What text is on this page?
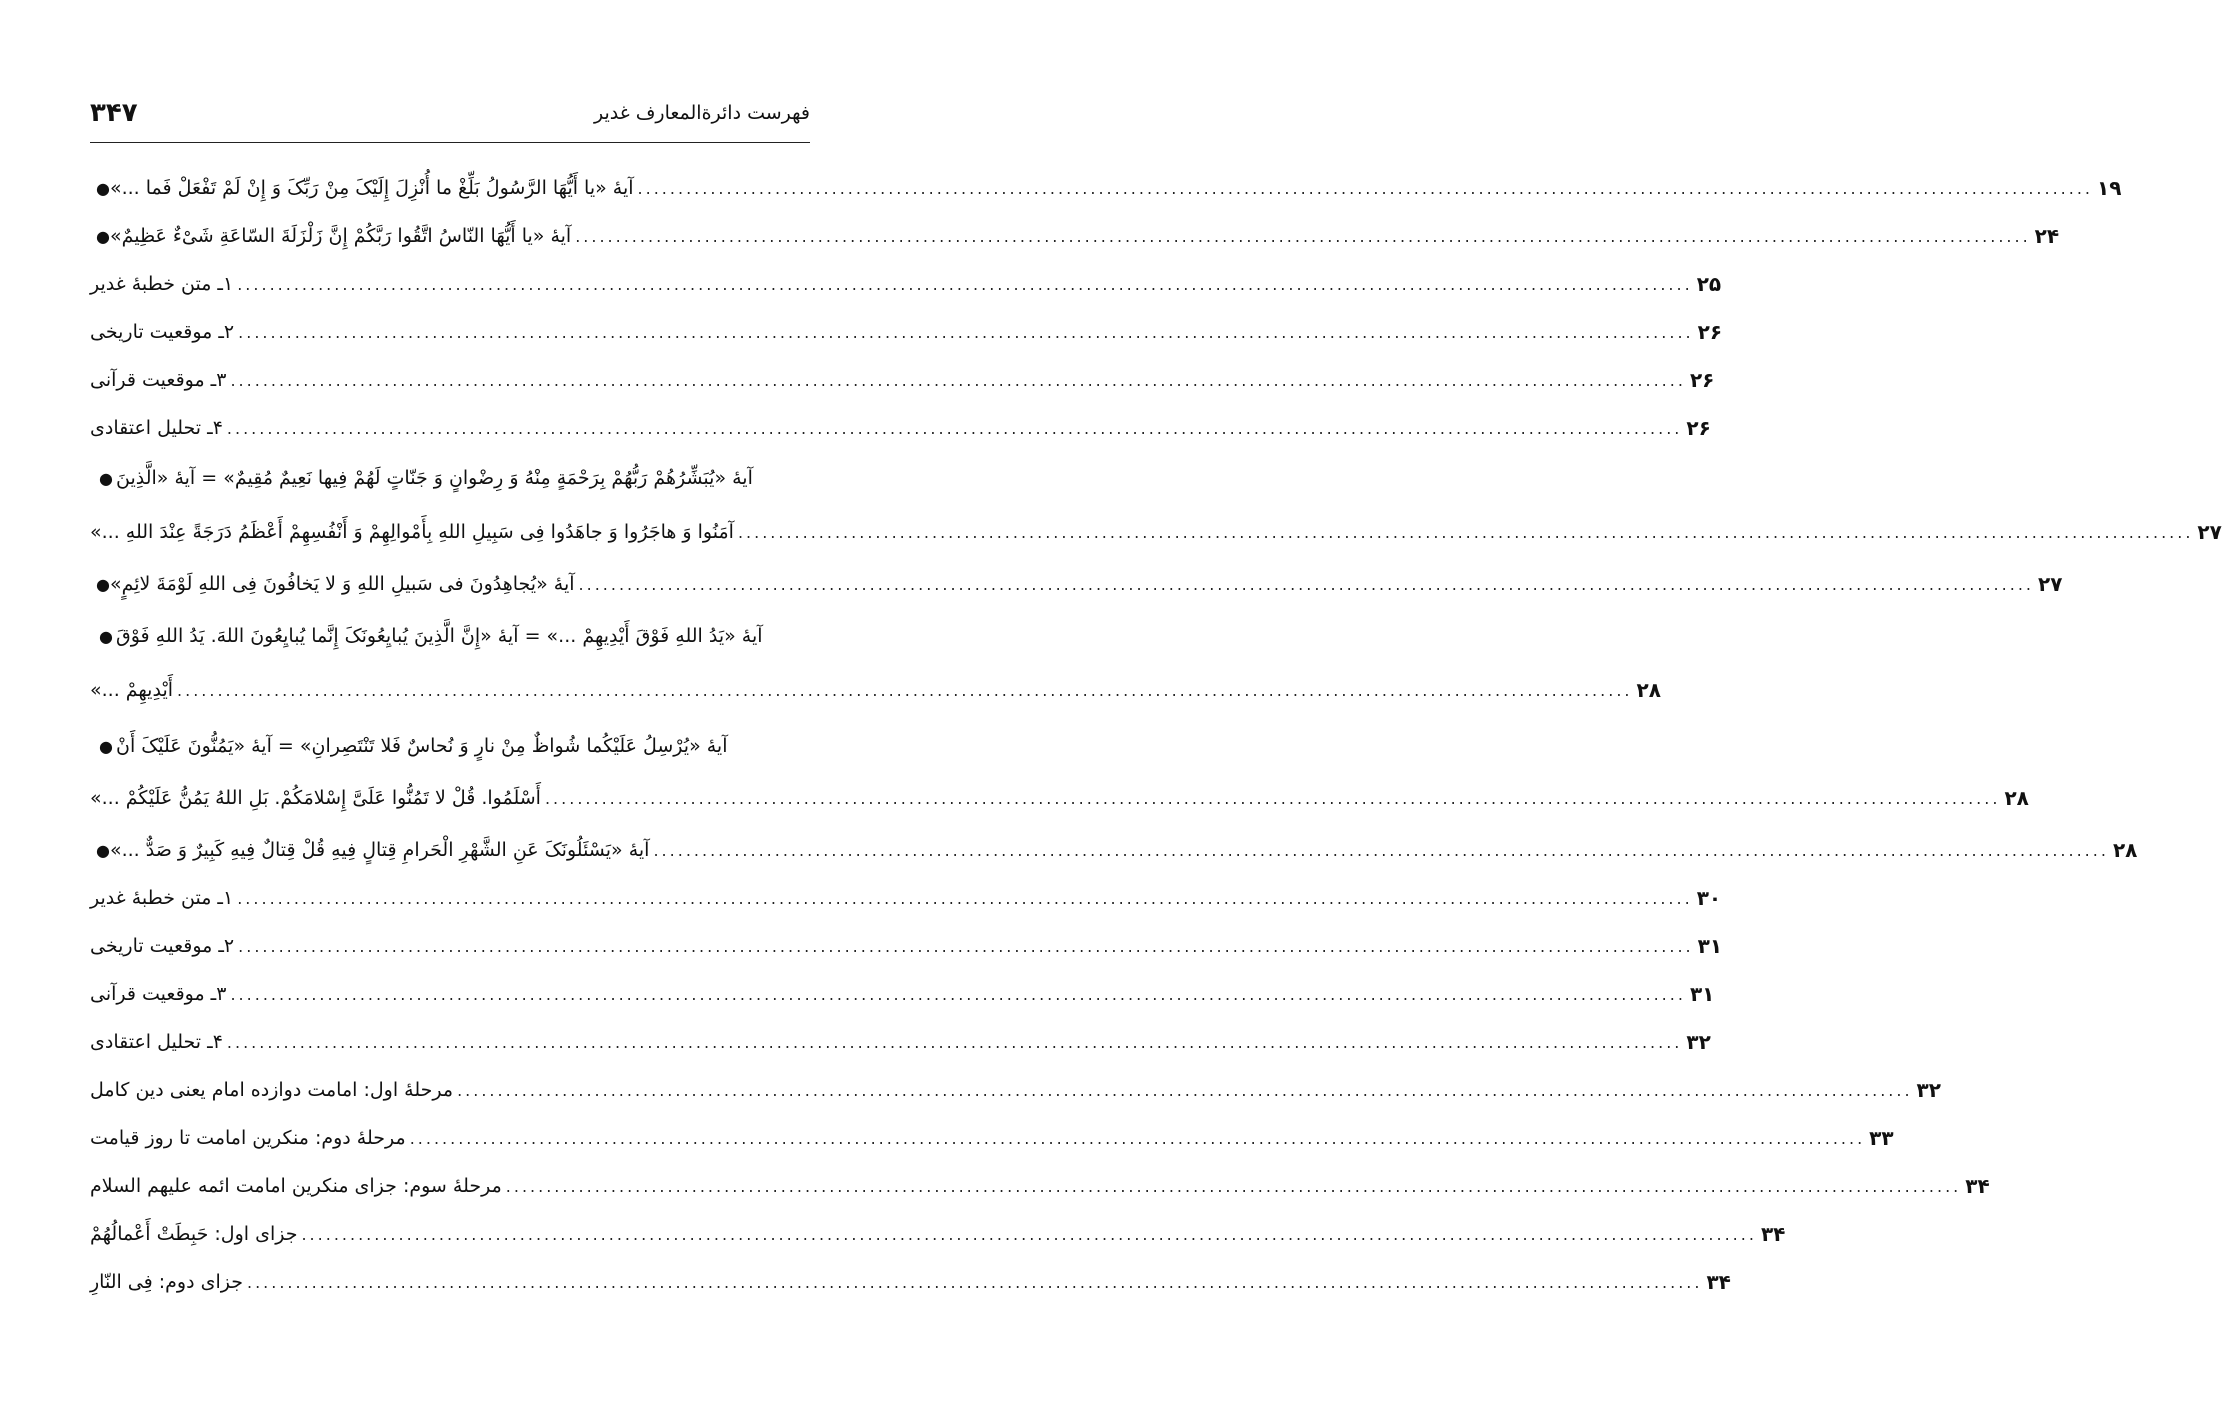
۳۴۷	فهرست دائرةالمعارف غدیر
● آیهٔ «یا أَیُّهَا الرَّسُولُ بَلِّغْ ما أُنْزِلَ إِلَیْکَ مِنْ رَبِّکَ وَ إِنْ لَمْ تَفْعَلْ فَما ...» .....	۱۹
● آیهٔ «یا أَیُّهَا النّاسُ اتَّقُوا رَبَّکُمْ إِنَّ زَلْزَلَةَ السّاعَةِ شَیْءٌ عَظِیمٌ» .....	۲۴
۱ـ متن خطبهٔ غدیر .....	۲۵
۲ـ موقعیت تاریخی .....	۲۶
۳ـ موقعیت قرآنی .....	۲۶
۴ـ تحلیل اعتقادی .....	۲۶
● آیهٔ «یُبَشِّرُهُمْ رَبُّهُمْ بِرَحْمَةٍ مِنْهُ وَ رِضْوانٍ وَ جَنّاتٍ لَهُمْ فِیها نَعِیمٌ مُقِیمٌ» = آیهٔ «الَّذِینَ
آمَنُوا وَ هاجَرُوا وَ جاهَدُوا فِی سَبِیلِ اللهِ بِأَمْوالِهِمْ وَ أَنْفُسِهِمْ أَعْظَمُ دَرَجَةً عِنْدَ اللهِ ...» .....	۲۷
● آیهٔ «یُجاهِدُونَ فی سَبیلِ اللهِ وَ لا یَخافُونَ فِی اللهِ لَوْمَةَ لائِمٍ» .....	۲۷
● آیهٔ «یَدُ اللهِ فَوْقَ أَیْدِیهِمْ ...» = آیهٔ «إِنَّ الَّذِینَ یُبایِعُونَکَ إِنَّما یُبایِعُونَ اللهَ. یَدُ اللهِ فَوْقَ
أَیْدِیهِمْ ...» .....	۲۸
● آیهٔ «یُرْسِلُ عَلَیْکُما شُواظٌ مِنْ نارٍ وَ نُحاسٌ فَلا تَنْتَصِرانِ» = آیهٔ «یَمُنُّونَ عَلَیْکَ أَنْ
أَسْلَمُوا. قُلْ لا تَمُنُّوا عَلَیَّ إِسْلامَکُمْ. بَلِ اللهُ یَمُنُّ عَلَیْکُمْ ...» .....	۲۸
● آیهٔ «یَسْئَلُونَکَ عَنِ الشَّهْرِ الْحَرامِ قِتالٍ فِیهِ قُلْ قِتالٌ فِیهِ کَبِیرٌ وَ صَدٌّ ...» .....	۲۸
۱ـ متن خطبهٔ غدیر .....	۳۰
۲ـ موقعیت تاریخی .....	۳۱
۳ـ موقعیت قرآنی .....	۳۱
۴ـ تحلیل اعتقادی .....	۳۲
مرحلهٔ اول: امامت دوازده امام یعنی دین کامل .....	۳۲
مرحلهٔ دوم: منکرین امامت تا روز قیامت .....	۳۳
مرحلهٔ سوم: جزای منکرین امامت ائمه علیهم السلام .....	۳۴
جزای اول: حَبِطَتْ أَعْمالُهُمْ .....	۳۴
جزای دوم: فِی النّارِ .....	۳۴
